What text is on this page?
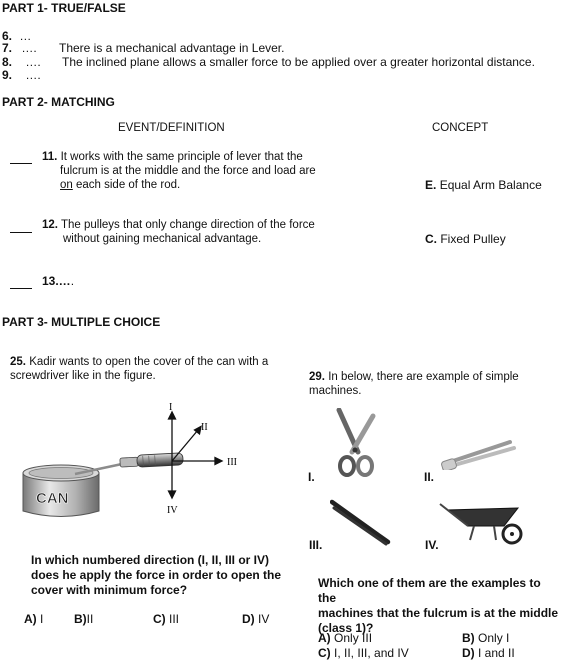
PART 1- TRUE/FALSE
6. …
7. …. There is a mechanical advantage in Lever.
8. …. The inclined plane allows a smaller force to be applied over a greater horizontal distance.
9. ….
PART 2- MATCHING
EVENT/DEFINITION	CONCEPT
11. It works with the same principle of lever that the
fulcrum is at the middle and the force and load are
on each side of the rod.	E. Equal Arm Balance
12. The pulleys that only change direction of the force
without gaining mechanical advantage.	C. Fixed Pulley
13.….
PART 3- MULTIPLE CHOICE
25. Kadir wants to open the cover of the can with a
screwdriver like in the figure.
I
II
III
IV
CAN
In which numbered direction (I, II, III or IV)
does he apply the force in order to open the
cover with minimum force?
A) I	B)II	C) III	D) IV
29. In below, there are example of simple
machines.
I.	II.
III.	IV.
Which one of them are the examples to the
machines that the fulcrum is at the middle
(class 1)?
A) Only III	B) Only I
C) I, II, III, and IV	D) I and II
